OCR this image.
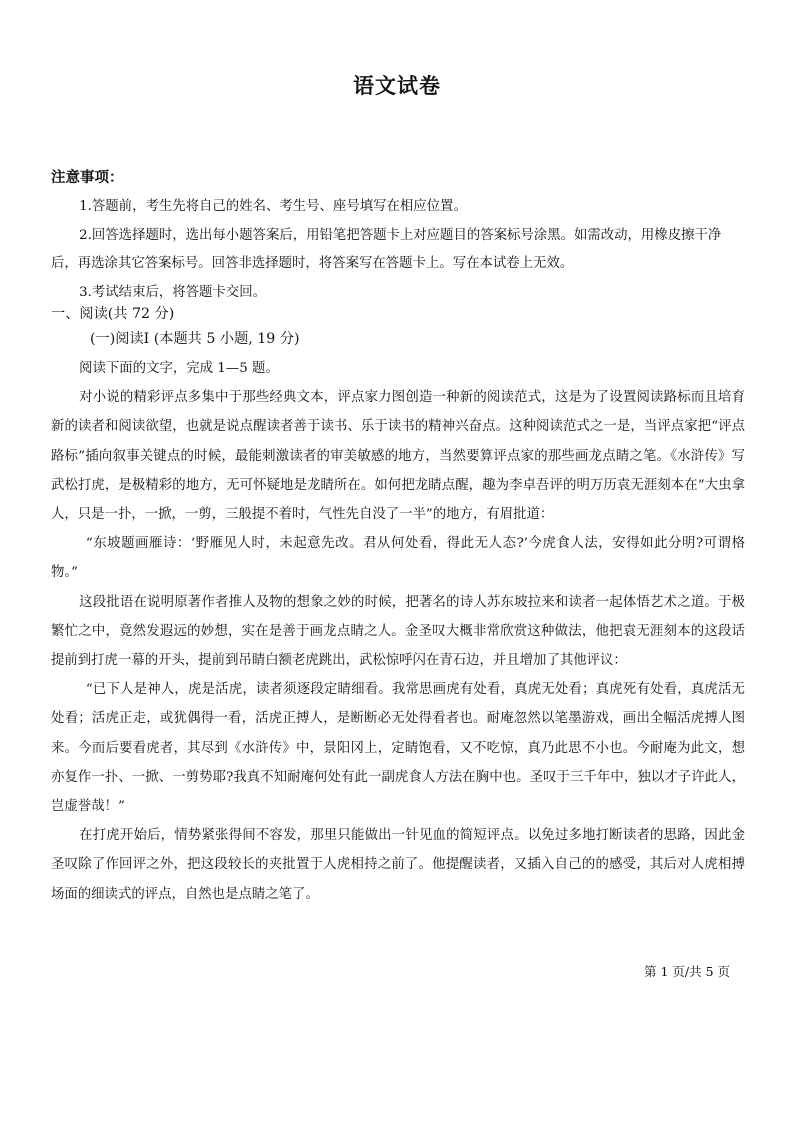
语文试卷
注意事项：

1.答题前，考生先将自己的姓名、考生号、座号填写在相应位置。

2.回答选择题时，选出每小题答案后，用铅笔把答题卡上对应题目的答案标号涂黑。如需改动，用橡皮擦干净后，再选涂其它答案标号。回答非选择题时，将答案写在答题卡上。写在本试卷上无效。

3.考试结束后，将答题卡交回。

一、阅读(共 72 分)
(一)阅读Ⅰ (本题共 5 小题, 19 分)

阅读下面的文字，完成 1—5 题。

对小说的精彩评点多集中于那些经典文本，评点家力图创造一种新的阅读范式，这是为了设置阅读路标而且培育新的读者和阅读欲望，也就是说点醒读者善于读书、乐于读书的精神兴奋点。这种阅读范式之一是，当评点家把“评点路标”插向叙事关键点的时候，最能刺激读者的审美敏感的地方，当然要算评点家的那些画龙点睛之笔。《水浒传》写武松打虎，是极精彩的地方，无可怀疑地是龙睛所在。如何把龙睛点醒，趣为李卓吾评的明万历袁无涯刻本在“大虫拿人，只是一扑，一掀，一剪，三般提不着时，气性先自没了一半”的地方，有眉批道：

“东坡题画雁诗：‘野雁见人时，未起意先改。君从何处看，得此无人态?’今虎食人法，安得如此分明?可谓格物。”

这段批语在说明原著作者推人及物的想象之妙的时候，把著名的诗人苏东坡拉来和读者一起体悟艺术之道。于极繁忙之中，竟然发遐远的妙想，实在是善于画龙点睛之人。金圣叹大概非常欣赏这种做法，他把袁无涯刻本的这段话提前到打虎一幕的开头，提前到吊睛白额老虎跳出，武松惊呼闪在青石边，并且增加了其他评议：

“已下人是神人，虎是活虎，读者须逐段定睛细看。我常思画虎有处看，真虎无处看；真虎死有处看，真虎活无处看；活虎正走，或犹偶得一看，活虎正搏人，是断断必无处得看者也。耐庵忽然以笔墨游戏，画出全幅活虎搏人图来。今而后要看虎者，其尽到《水浒传》中，景阳冈上，定睛饱看，又不吃惊，真乃此思不小也。今耐庵为此文，想亦复作一扑、一掀、一剪势耶?我真不知耐庵何处有此一副虎食人方法在胸中也。圣叹于三千年中，独以才子许此人，岂虚誉哉！”

在打虎开始后，情势紧张得间不容发，那里只能做出一针见血的简短评点。以免过多地打断读者的思路，因此金圣叹除了作回评之外，把这段较长的夹批置于人虎相持之前了。他提醒读者，又插入自己的的感受，其后对人虎相搏场面的细读式的评点，自然也是点睛之笔了。

第 1 页/共 5 页
